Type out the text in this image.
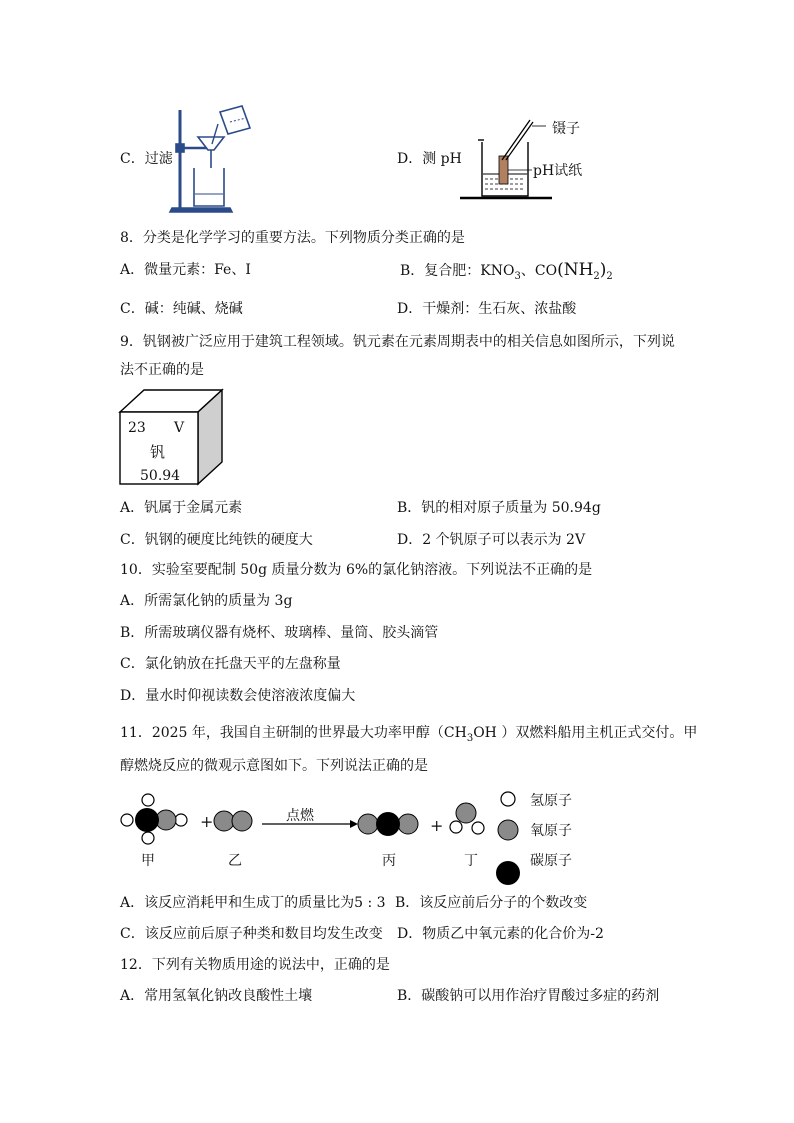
C．过滤	D．测 pH
镊子
pH试纸
8．分类是化学学习的重要方法。下列物质分类正确的是
A．微量元素：Fe、I	B．复合肥：$KNO_3$、$CO(NH_2)_2$
C．碱：纯碱、烧碱	D．干燥剂：生石灰、浓盐酸
9．钒钢被广泛应用于建筑工程领域。钒元素在元素周期表中的相关信息如图所示，下列说
法不正确的是
23 V
钒
50.94
A．钒属于金属元素	B．钒的相对原子质量为 50.94g
C．钒钢的硬度比纯铁的硬度大	D．2 个钒原子可以表示为 2V
10．实验室要配制 50g 质量分数为 6%的氯化钠溶液。下列说法不正确的是
A．所需氯化钠的质量为 3g
B．所需玻璃仪器有烧杯、玻璃棒、量筒、胶头滴管
C．氯化钠放在托盘天平的左盘称量
D．量水时仰视读数会使溶液浓度偏大
11．2025 年，我国自主研制的世界最大功率甲醇（$CH_3OH$ ）双燃料船用主机正式交付。甲
醇燃烧反应的微观示意图如下。下列说法正确的是
+	+
点燃
氢原子
氧原子
碳原子
甲	乙	丙	丁
A．该反应消耗甲和生成丁的质量比为5 : 3 B．该反应前后分子的个数改变
C．该反应前后原子种类和数目均发生改变 D．物质乙中氧元素的化合价为-2
12．下列有关物质用途的说法中，正确的是
A．常用氢氧化钠改良酸性土壤	B．碳酸钠可以用作治疗胃酸过多症的药剂
